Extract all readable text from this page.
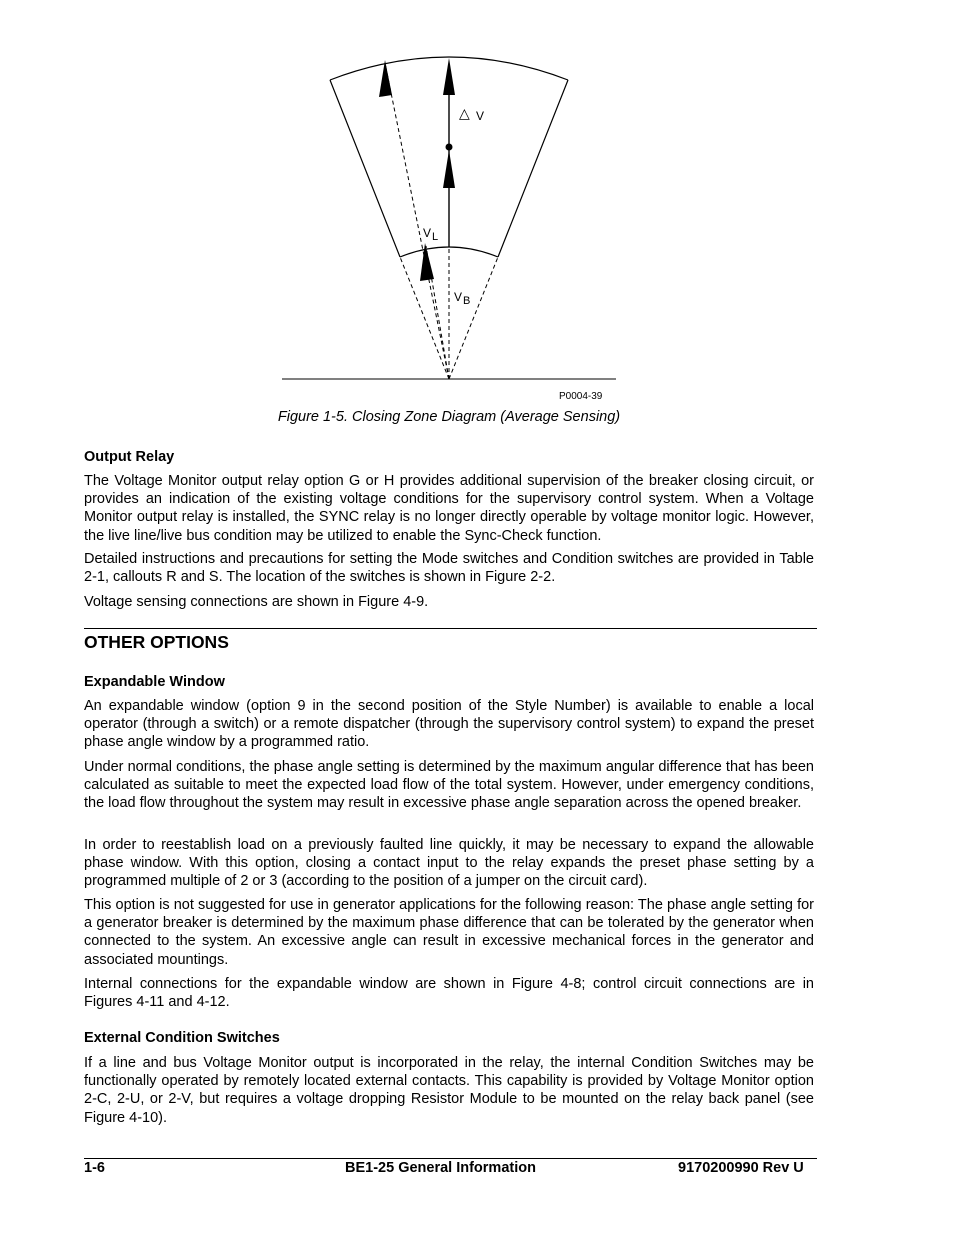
△ V
V L
V B
P0004-39
Figure 1-5. Closing Zone Diagram (Average Sensing)
Output Relay
The Voltage Monitor output relay option G or H provides additional supervision of the breaker closing circuit, or provides an indication of the existing voltage conditions for the supervisory control system. When a Voltage Monitor output relay is installed, the SYNC relay is no longer directly operable by voltage monitor logic. However, the live line/live bus condition may be utilized to enable the Sync-Check function.
Detailed instructions and precautions for setting the Mode switches and Condition switches are provided in Table 2-1, callouts R and S. The location of the switches is shown in Figure 2-2.
Voltage sensing connections are shown in Figure 4-9.
OTHER OPTIONS
Expandable Window
An expandable window (option 9 in the second position of the Style Number) is available to enable a local operator (through a switch) or a remote dispatcher (through the supervisory control system) to expand the preset phase angle window by a programmed ratio.
Under normal conditions, the phase angle setting is determined by the maximum angular difference that has been calculated as suitable to meet the expected load flow of the total system. However, under emergency conditions, the load flow throughout the system may result in excessive phase angle separation across the opened breaker.
In order to reestablish load on a previously faulted line quickly, it may be necessary to expand the allowable phase window. With this option, closing a contact input to the relay expands the preset phase setting by a programmed multiple of 2 or 3 (according to the position of a jumper on the circuit card).
This option is not suggested for use in generator applications for the following reason: The phase angle setting for a generator breaker is determined by the maximum phase difference that can be tolerated by the generator when connected to the system. An excessive angle can result in excessive mechanical forces in the generator and associated mountings.
Internal connections for the expandable window are shown in Figure 4-8; control circuit connections are in Figures 4-11 and 4-12.
External Condition Switches
If a line and bus Voltage Monitor output is incorporated in the relay, the internal Condition Switches may be functionally operated by remotely located external contacts. This capability is provided by Voltage Monitor option 2-C, 2-U, or 2-V, but requires a voltage dropping Resistor Module to be mounted on the relay back panel (see Figure 4-10).
1-6	BE1-25 General Information	9170200990 Rev U
